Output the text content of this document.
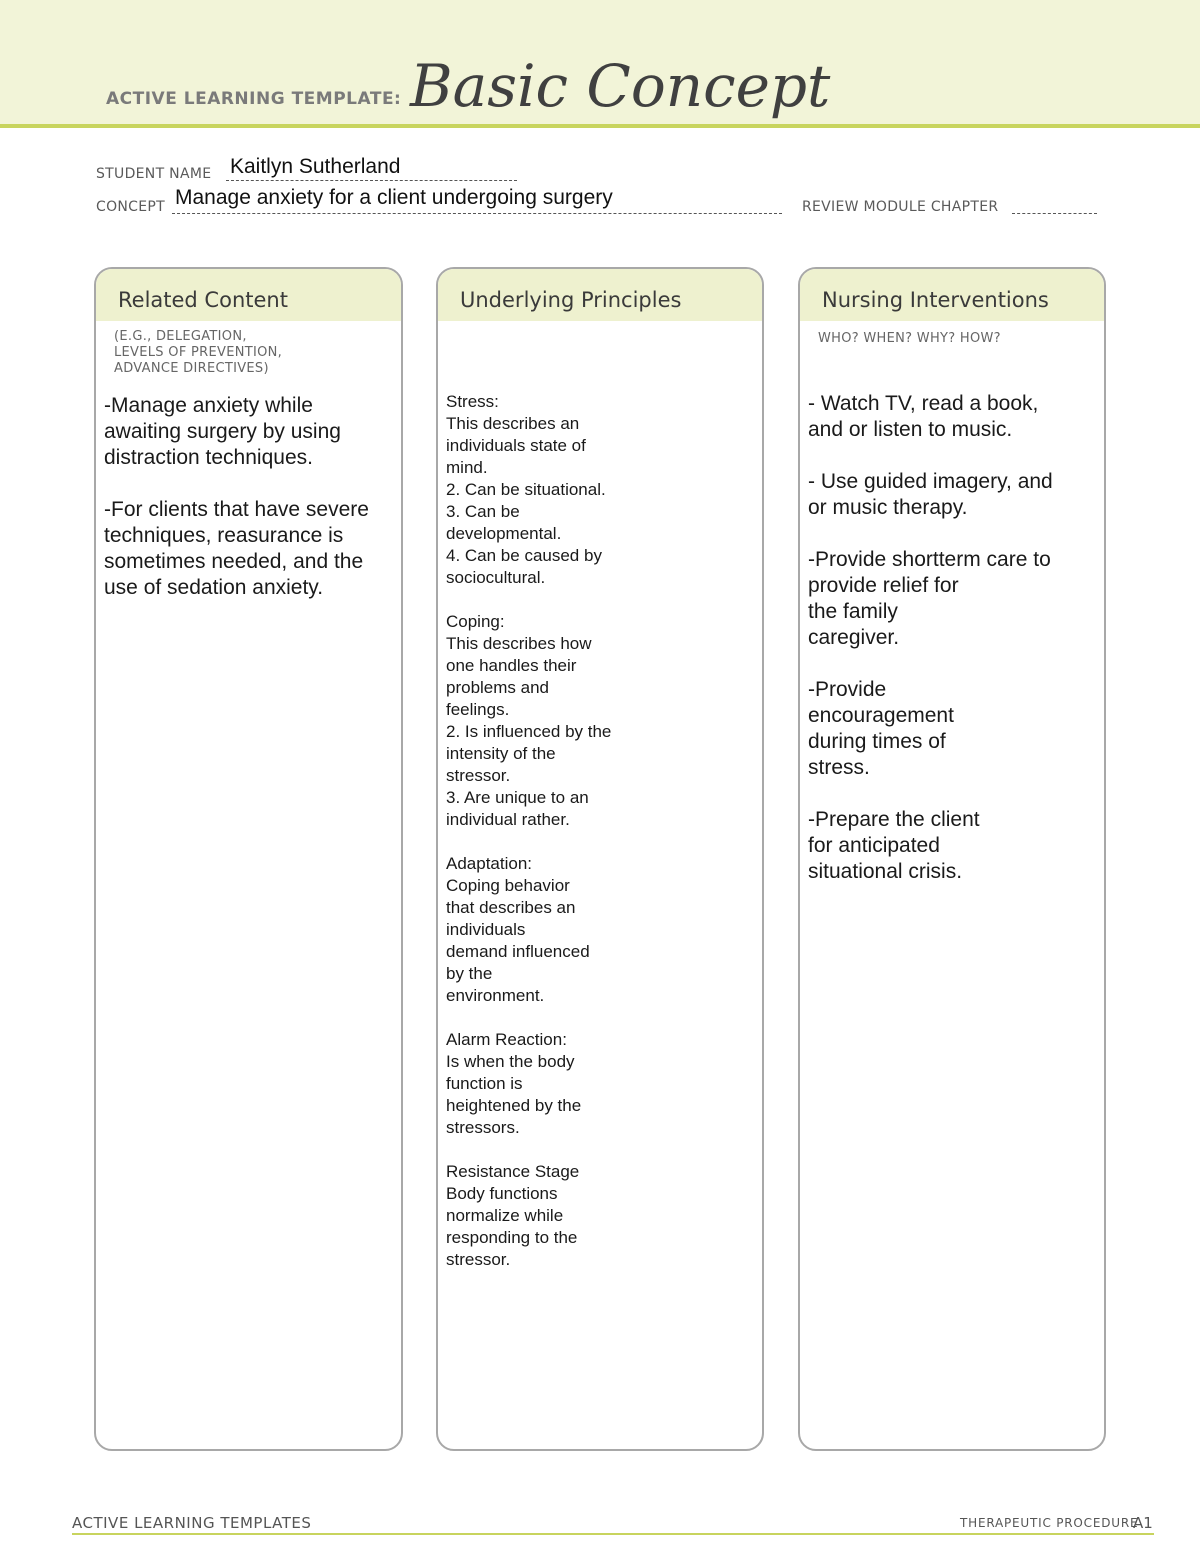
ACTIVE LEARNING TEMPLATE: Basic Concept
STUDENT NAME Kaitlyn Sutherland
CONCEPT Manage anxiety for a client undergoing surgery	REVIEW MODULE CHAPTER
Related Content
(E.G., DELEGATION,
LEVELS OF PREVENTION,
ADVANCE DIRECTIVES)

-Manage anxiety while awaiting surgery by using distraction techniques.

-For clients that have severe techniques, reasurance is sometimes needed, and the use of sedation anxiety.

Underlying Principles

Stress:
This describes an
individuals state of
mind.
2. Can be situational.
3. Can be
developmental.
4. Can be caused by
sociocultural.

Coping:
This describes how
one handles their
problems and
feelings.
2. Is influenced by the
intensity of the
stressor.
3. Are unique to an
individual rather.

Adaptation:
Coping behavior
that describes an
individuals
demand influenced
by the
environment.

Alarm Reaction:
Is when the body
function is
heightened by the
stressors.

Resistance Stage
Body functions
normalize while
responding to the
stressor.

Nursing Interventions
WHO? WHEN? WHY? HOW?

- Watch TV, read a book,
and or listen to music.

- Use guided imagery, and
or music therapy.

-Provide shortterm care to
provide relief for
the family
caregiver.

-Provide
encouragement
during times of
stress.

-Prepare the client
for anticipated
situational crisis.

ACTIVE LEARNING TEMPLATES	THERAPEUTIC PROCEDURE
A1
